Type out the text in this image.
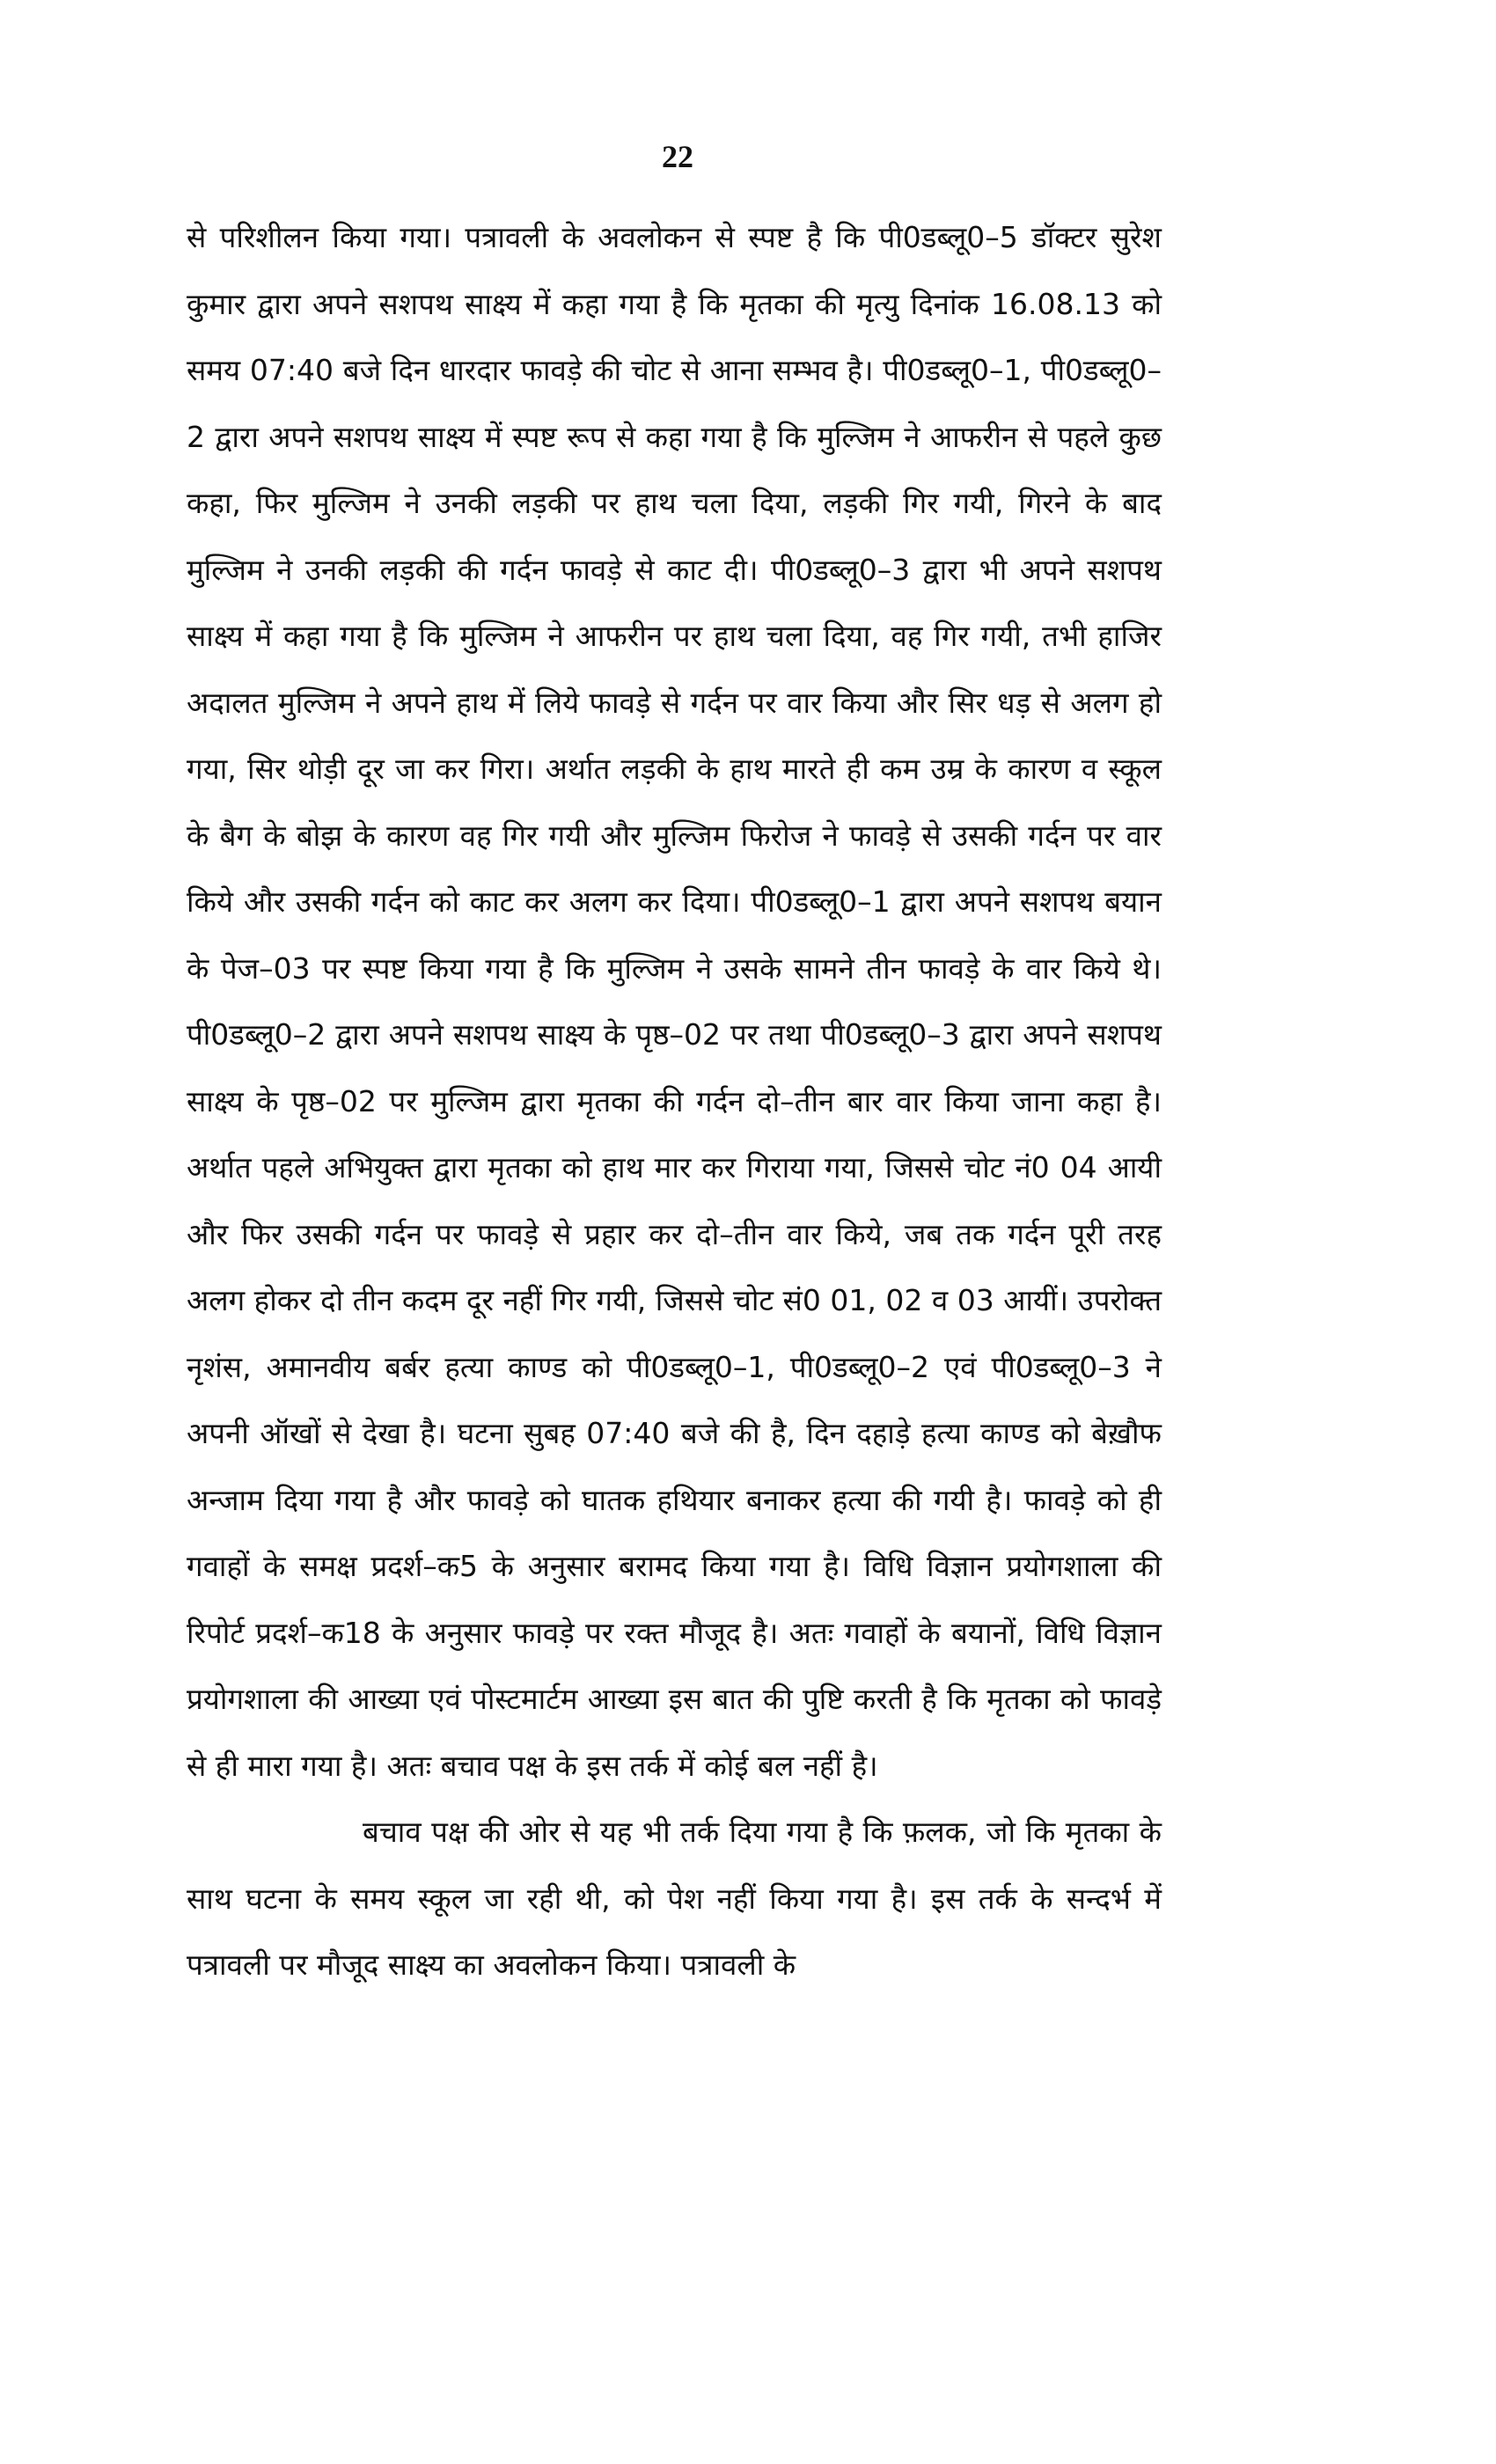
22

से परिशीलन किया गया। पत्रावली के अवलोकन से स्पष्ट है कि पी0डब्लू0–5 डॉक्टर सुरेश कुमार द्वारा अपने सशपथ साक्ष्य में कहा गया है कि मृतका की मृत्यु दिनांक 16.08.13 को समय 07:40 बजे दिन धारदार फावड़े की चोट से आना सम्भव है। पी0डब्लू0–1, पी0डब्लू0–2 द्वारा अपने सशपथ साक्ष्य में स्पष्ट रूप से कहा गया है कि मुल्जिम ने आफरीन से पहले कुछ कहा, फिर मुल्जिम ने उनकी लड़की पर हाथ चला दिया, लड़की गिर गयी, गिरने के बाद मुल्जिम ने उनकी लड़की की गर्दन फावड़े से काट दी। पी0डब्लू0–3 द्वारा भी अपने सशपथ साक्ष्य में कहा गया है कि मुल्जिम ने आफरीन पर हाथ चला दिया, वह गिर गयी, तभी हाजिर अदालत मुल्जिम ने अपने हाथ में लिये फावड़े से गर्दन पर वार किया और सिर धड़ से अलग हो गया, सिर थोड़ी दूर जा कर गिरा। अर्थात लड़की के हाथ मारते ही कम उम्र के कारण व स्कूल के बैग के बोझ के कारण वह गिर गयी और मुल्जिम फिरोज ने फावड़े से उसकी गर्दन पर वार किये और उसकी गर्दन को काट कर अलग कर दिया। पी0डब्लू0–1 द्वारा अपने सशपथ बयान के पेज–03 पर स्पष्ट किया गया है कि मुल्जिम ने उसके सामने तीन फावड़े के वार किये थे। पी0डब्लू0–2 द्वारा अपने सशपथ साक्ष्य के पृष्ठ–02 पर तथा पी0डब्लू0–3 द्वारा अपने सशपथ साक्ष्य के पृष्ठ–02 पर मुल्जिम द्वारा मृतका की गर्दन दो–तीन बार वार किया जाना कहा है। अर्थात पहले अभियुक्त द्वारा मृतका को हाथ मार कर गिराया गया, जिससे चोट नं0 04 आयी और फिर उसकी गर्दन पर फावड़े से प्रहार कर दो–तीन वार किये, जब तक गर्दन पूरी तरह अलग होकर दो तीन कदम दूर नहीं गिर गयी, जिससे चोट सं0 01, 02 व 03 आयीं। उपरोक्त नृशंस, अमानवीय बर्बर हत्या काण्ड को पी0डब्लू0–1, पी0डब्लू0–2 एवं पी0डब्लू0–3 ने अपनी ऑखों से देखा है। घटना सुबह 07:40 बजे की है, दिन दहाड़े हत्या काण्ड को बेख़ौफ अन्जाम दिया गया है और फावड़े को घातक हथियार बनाकर हत्या की गयी है। फावड़े को ही गवाहों के समक्ष प्रदर्श–क5 के अनुसार बरामद किया गया है। विधि विज्ञान प्रयोगशाला की रिपोर्ट प्रदर्श–क18 के अनुसार फावड़े पर रक्त मौजूद है। अतः गवाहों के बयानों, विधि विज्ञान प्रयोगशाला की आख्या एवं पोस्टमार्टम आख्या इस बात की पुष्टि करती है कि मृतका को फावड़े से ही मारा गया है। अतः बचाव पक्ष के इस तर्क में कोई बल नहीं है।

बचाव पक्ष की ओर से यह भी तर्क दिया गया है कि फ़लक, जो कि मृतका के साथ घटना के समय स्कूल जा रही थी, को पेश नहीं किया गया है। इस तर्क के सन्दर्भ में पत्रावली पर मौजूद साक्ष्य का अवलोकन किया। पत्रावली के
